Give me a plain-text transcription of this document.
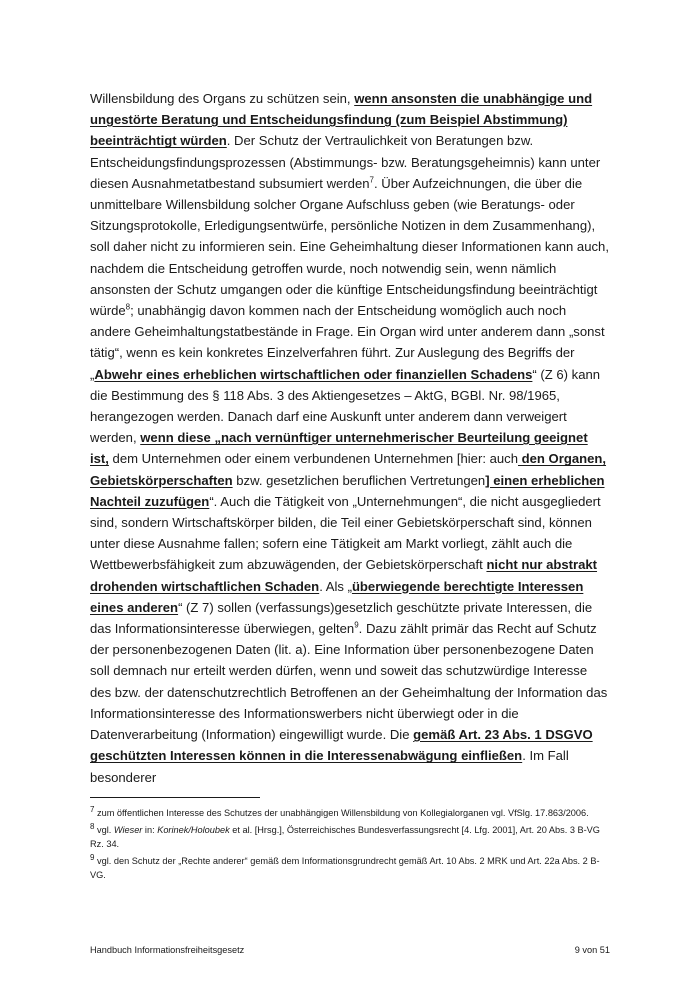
Willensbildung des Organs zu schützen sein, wenn ansonsten die unabhängige und ungestörte Beratung und Entscheidungsfindung (zum Beispiel Abstimmung) beeinträchtigt würden. Der Schutz der Vertraulichkeit von Beratungen bzw. Entscheidungsfindungsprozessen (Abstimmungs- bzw. Beratungsgeheimnis) kann unter diesen Ausnahmetatbestand subsumiert werden$^7$. Über Aufzeichnungen, die über die unmittelbare Willensbildung solcher Organe Aufschluss geben (wie Beratungs- oder Sitzungsprotokolle, Erledigungsentwürfe, persönliche Notizen in dem Zusammenhang), soll daher nicht zu informieren sein. Eine Geheimhaltung dieser Informationen kann auch, nachdem die Entscheidung getroffen wurde, noch notwendig sein, wenn nämlich ansonsten der Schutz umgangen oder die künftige Entscheidungsfindung beeinträchtigt würde$^8$; unabhängig davon kommen nach der Entscheidung womöglich auch noch andere Geheimhaltungstatbestände in Frage. Ein Organ wird unter anderem dann „sonst tätig“, wenn es kein konkretes Einzelverfahren führt. Zur Auslegung des Begriffs der „Abwehr eines erheblichen wirtschaftlichen oder finanziellen Schadens“ (Z 6) kann die Bestimmung des § 118 Abs. 3 des Aktiengesetzes – AktG, BGBl. Nr. 98/1965, herangezogen werden. Danach darf eine Auskunft unter anderem dann verweigert werden, wenn diese „nach vernünftiger unternehmerischer Beurteilung geeignet ist, dem Unternehmen oder einem verbundenen Unternehmen [hier: auch den Organen, Gebietskörperschaften bzw. gesetzlichen beruflichen Vertretungen] einen erheblichen Nachteil zuzufügen“. Auch die Tätigkeit von „Unternehmungen“, die nicht ausgegliedert sind, sondern Wirtschaftskörper bilden, die Teil einer Gebietskörperschaft sind, können unter diese Ausnahme fallen; sofern eine Tätigkeit am Markt vorliegt, zählt auch die Wettbewerbsfähigkeit zum abzuwägenden, der Gebietskörperschaft nicht nur abstrakt drohenden wirtschaftlichen Schaden. Als „überwiegende berechtigte Interessen eines anderen“ (Z 7) sollen (verfassungs)gesetzlich geschützte private Interessen, die das Informationsinteresse überwiegen, gelten$^9$. Dazu zählt primär das Recht auf Schutz der personenbezogenen Daten (lit. a). Eine Information über personenbezogene Daten soll demnach nur erteilt werden dürfen, wenn und soweit das schutzwürdige Interesse des bzw. der datenschutzrechtlich Betroffenen an der Geheimhaltung der Information das Informationsinteresse des Informationswerbers nicht überwiegt oder in die Datenverarbeitung (Information) eingewilligt wurde. Die gemäß Art. 23 Abs. 1 DSGVO geschützten Interessen können in die Interessenabwägung einfließen. Im Fall besonderer
$^7$ zum öffentlichen Interesse des Schutzes der unabhängigen Willensbildung von Kollegialorganen vgl. VfSlg. 17.863/2006.
$^8$ vgl. Wieser in: Korinek/Holoubek et al. [Hrsg.], Österreichisches Bundesverfassungsrecht [4. Lfg. 2001], Art. 20 Abs. 3 B-VG Rz. 34.
$^9$ vgl. den Schutz der „Rechte anderer“ gemäß dem Informationsgrundrecht gemäß Art. 10 Abs. 2 MRK und Art. 22a Abs. 2 B-VG.
Handbuch Informationsfreiheitsgesetz	9 von 51
